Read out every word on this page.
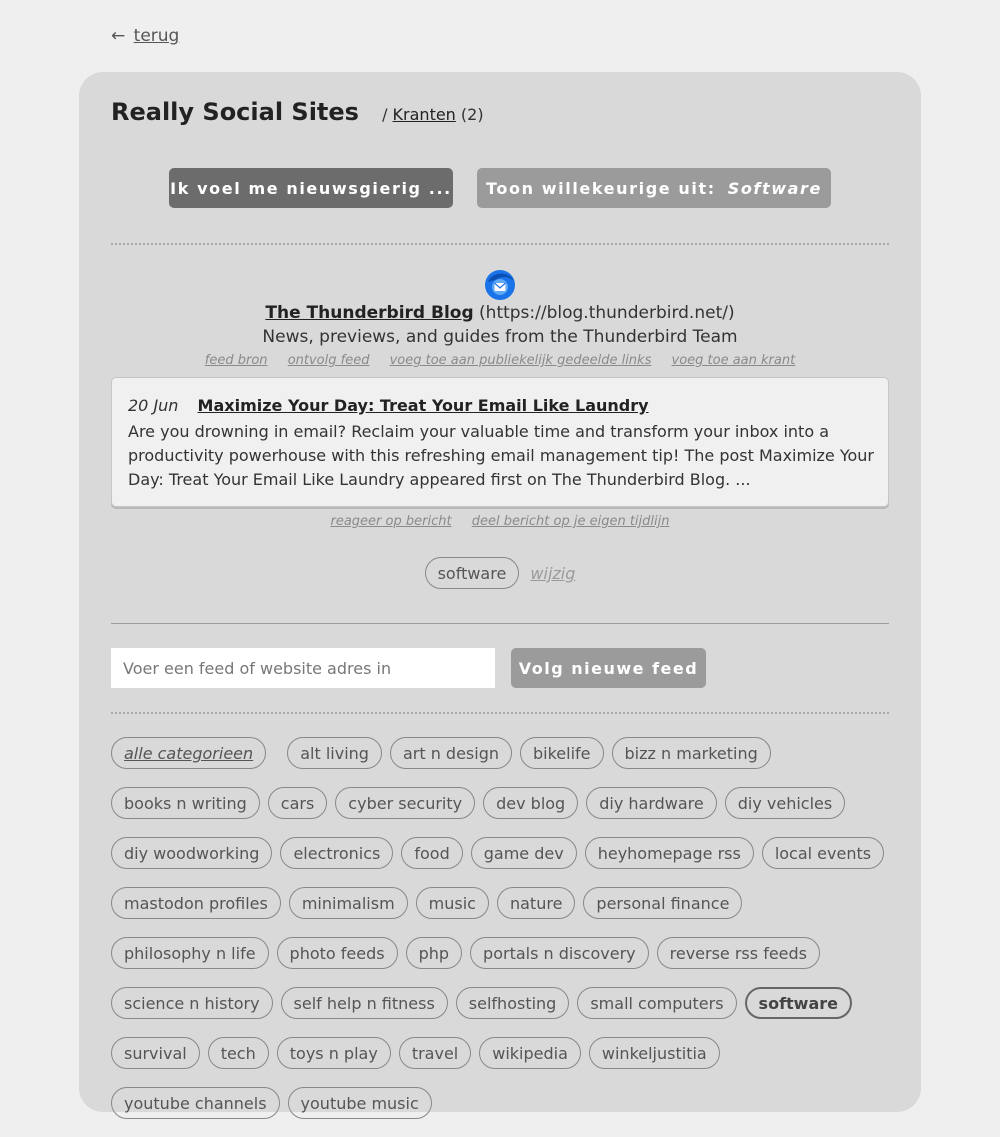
← terug
Really Social Sites / Kranten (2)
Ik voel me nieuwsgierig ... Toon willekeurige uit: Software
The Thunderbird Blog (https://blog.thunderbird.net/)
News, previews, and guides from the Thunderbird Team
feed bron ontvolg feed voeg toe aan publiekelijk gedeelde links voeg toe aan krant
20 Jun Maximize Your Day: Treat Your Email Like Laundry
Are you drowning in email? Reclaim your valuable time and transform your inbox into a productivity powerhouse with this refreshing email management tip! The post Maximize Your Day: Treat Your Email Like Laundry appeared first on The Thunderbird Blog. ...
reageer op bericht deel bericht op je eigen tijdlijn
software wijzig
Voer een feed of website adres in	Volg nieuwe feed
alle categorieen	alt living art n design bikelife bizz n marketingbooks n writing cars cyber security dev blog diy hardware diy vehiclesdiy woodworking electronics food game dev heyhomepage rss local eventsmastodon profiles minimalism music nature personal financephilosophy n life photo feeds php portals n discovery reverse rss feedsscience n history self help n fitness selfhosting small computers softwaresurvival tech toys n play travel wikipedia winkeljustitiayoutube channels youtube music
